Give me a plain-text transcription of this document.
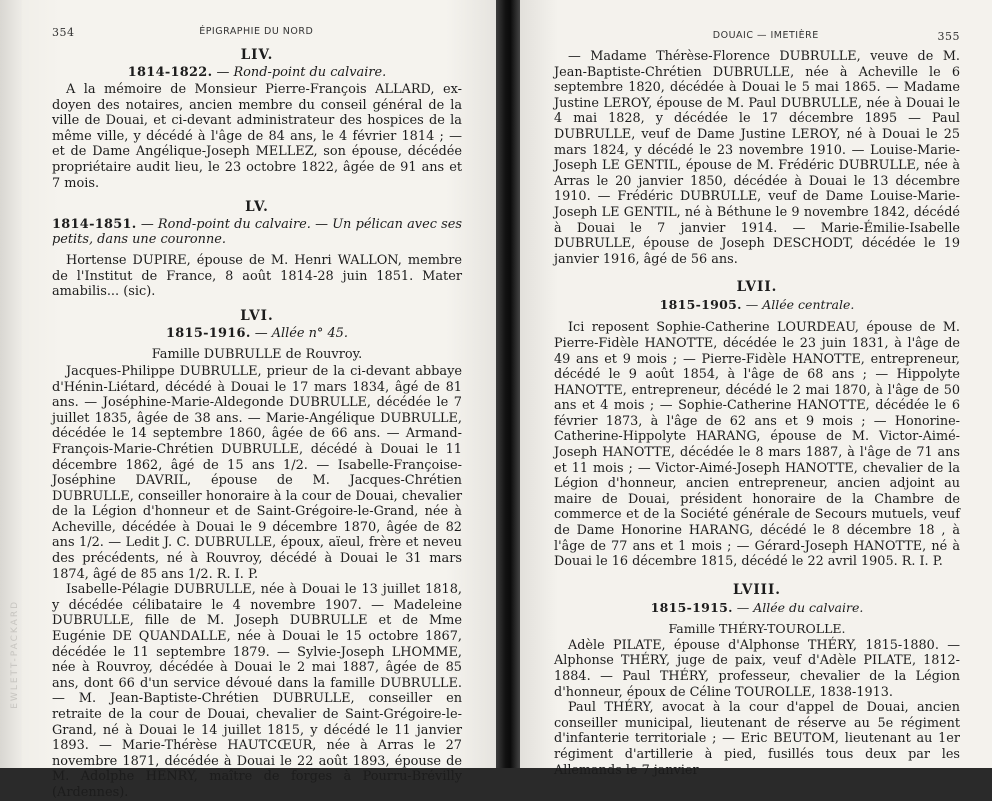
EWLETT-PACKARD
354	ÉPIGRAPHIE DU NORD
LIV.
1814-1822. — Rond-point du calvaire.

A la mémoire de Monsieur Pierre-François ALLARD, ex-doyen des notaires, ancien membre du conseil général de la ville de Douai, et ci-devant administrateur des hospices de la même ville, y décédé à l'âge de 84 ans, le 4 février 1814 ; — et de Dame Angélique-Joseph MELLEZ, son épouse, décédée propriétaire audit lieu, le 23 octobre 1822, âgée de 91 ans et 7 mois.

LV.
1814-1851. — Rond-point du calvaire. — Un pélican avec ses petits, dans une couronne.

Hortense DUPIRE, épouse de M. Henri WALLON, membre de l'Institut de France, 8 août 1814-28 juin 1851. Mater amabilis... (sic).

LVI.
1815-1916. — Allée n° 45.
Famille DUBRULLE de Rouvroy.

Jacques-Philippe DUBRULLE, prieur de la ci-devant abbaye d'Hénin-Liétard, décédé à Douai le 17 mars 1834, âgé de 81 ans. — Joséphine-Marie-Aldegonde DUBRULLE, décédée le 7 juillet 1835, âgée de 38 ans. — Marie-Angélique DUBRULLE, décédée le 14 septembre 1860, âgée de 66 ans. — Armand-François-Marie-Chrétien DUBRULLE, décédé à Douai le 11 décembre 1862, âgé de 15 ans 1/2. — Isabelle-Françoise-Joséphine DAVRIL, épouse de M. Jacques-Chrétien DUBRULLE, conseiller honoraire à la cour de Douai, chevalier de la Légion d'honneur et de Saint-Grégoire-le-Grand, née à Acheville, décédée à Douai le 9 décembre 1870, âgée de 82 ans 1/2. — Ledit J. C. DUBRULLE, époux, aïeul, frère et neveu des précédents, né à Rouvroy, décédé à Douai le 31 mars 1874, âgé de 85 ans 1/2. R. I. P.

Isabelle-Pélagie DUBRULLE, née à Douai le 13 juillet 1818, y décédée célibataire le 4 novembre 1907. — Madeleine DUBRULLE, fille de M. Joseph DUBRULLE et de Mme Eugénie DE QUANDALLE, née à Douai le 15 octobre 1867, décédée le 11 septembre 1879. — Sylvie-Joseph LHOMME, née à Rouvroy, décédée à Douai le 2 mai 1887, âgée de 85 ans, dont 66 d'un service dévoué dans la famille DUBRULLE. — M. Jean-Baptiste-Chrétien DUBRULLE, conseiller en retraite de la cour de Douai, chevalier de Saint-Grégoire-le-Grand, né à Douai le 14 juillet 1815, y décédé le 11 janvier 1893. — Marie-Thérèse HAUTCŒUR, née à Arras le 27 novembre 1871, décédée à Douai le 22 août 1893, épouse de M. Adolphe HENRY, maître de forges à Pourru-Brévilly (Ardennes).

DOUAIC — IMETIÈRE	355

— Madame Thérèse-Florence DUBRULLE, veuve de M. Jean-Baptiste-Chrétien DUBRULLE, née à Acheville le 6 septembre 1820, décédée à Douai le 5 mai 1865. — Madame Justine LEROY, épouse de M. Paul DUBRULLE, née à Douai le 4 mai 1828, y décédée le 17 décembre 1895 — Paul DUBRULLE, veuf de Dame Justine LEROY, né à Douai le 25 mars 1824, y décédé le 23 novembre 1910. — Louise-Marie-Joseph LE GENTIL, épouse de M. Frédéric DUBRULLE, née à Arras le 20 janvier 1850, décédée à Douai le 13 décembre 1910. — Frédéric DUBRULLE, veuf de Dame Louise-Marie-Joseph LE GENTIL, né à Béthune le 9 novembre 1842, décédé à Douai le 7 janvier 1914. — Marie-Émilie-Isabelle DUBRULLE, épouse de Joseph DESCHODT, décédée le 19 janvier 1916, âgé de 56 ans.

LVII.
1815-1905. — Allée centrale.

Ici reposent Sophie-Catherine LOURDEAU, épouse de M. Pierre-Fidèle HANOTTE, décédée le 23 juin 1831, à l'âge de 49 ans et 9 mois ; — Pierre-Fidèle HANOTTE, entrepreneur, décédé le 9 août 1854, à l'âge de 68 ans ; — Hippolyte HANOTTE, entrepreneur, décédé le 2 mai 1870, à l'âge de 50 ans et 4 mois ; — Sophie-Catherine HANOTTE, décédée le 6 février 1873, à l'âge de 62 ans et 9 mois ; — Honorine-Catherine-Hippolyte HARANG, épouse de M. Victor-Aimé-Joseph HANOTTE, décédée le 8 mars 1887, à l'âge de 71 ans et 11 mois ; — Victor-Aimé-Joseph HANOTTE, chevalier de la Légion d'honneur, ancien entrepreneur, ancien adjoint au maire de Douai, président honoraire de la Chambre de commerce et de la Société générale de Secours mutuels, veuf de Dame Honorine HARANG, décédé le 8 décembre 18 , à l'âge de 77 ans et 1 mois ; — Gérard-Joseph HANOTTE, né à Douai le 16 décembre 1815, décédé le 22 avril 1905. R. I. P.

LVIII.
1815-1915. — Allée du calvaire.
Famille THÉRY-TOUROLLE.

Adèle PILATE, épouse d'Alphonse THÉRY, 1815-1880. — Alphonse THÉRY, juge de paix, veuf d'Adèle PILATE, 1812-1884. — Paul THÉRY, professeur, chevalier de la Légion d'honneur, époux de Céline TOUROLLE, 1838-1913.

Paul THÉRY, avocat à la cour d'appel de Douai, ancien conseiller municipal, lieutenant de réserve au 5e régiment d'infanterie territoriale ; — Eric BEUTOM, lieutenant au 1er régiment d'artillerie à pied, fusillés tous deux par les Allemands le 7 janvier
